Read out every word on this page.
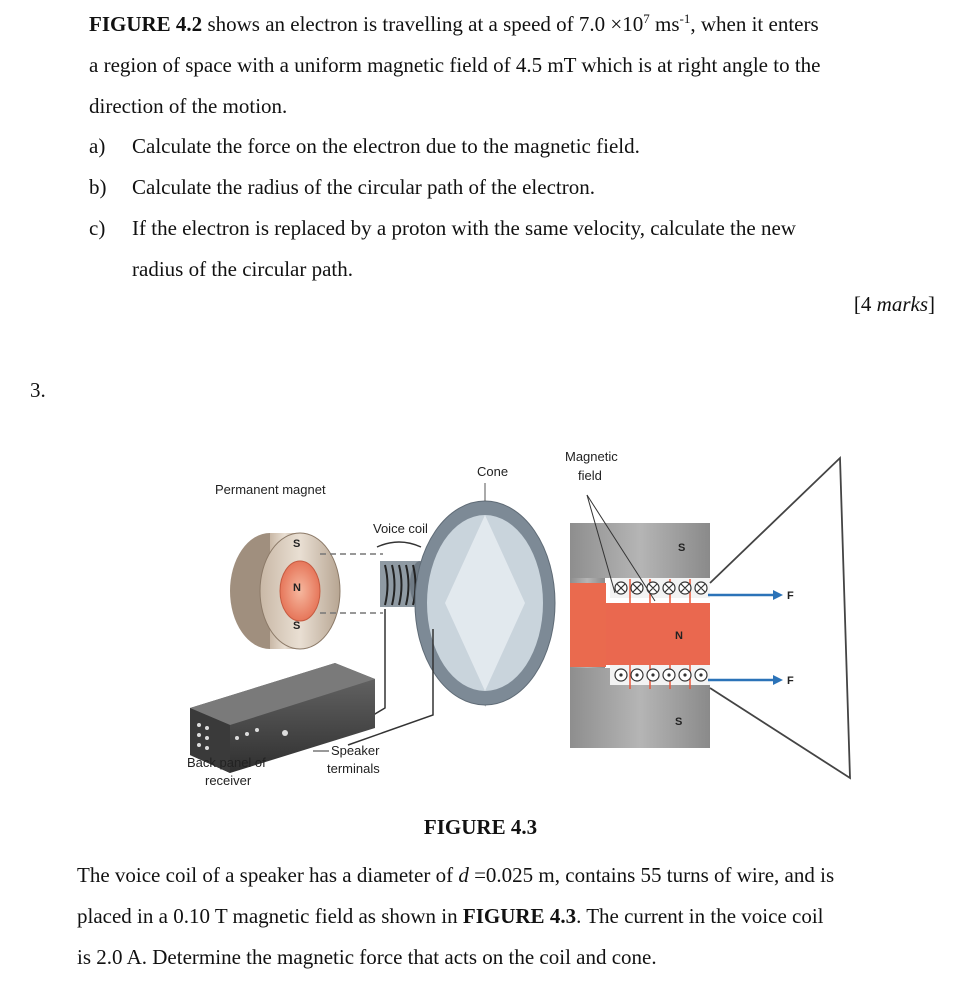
FIGURE 4.2 shows an electron is travelling at a speed of $7.0 \times 10^7$ $ms^{-1}$, when it enters
a region of space with a uniform magnetic field of 4.5 mT which is at right angle to the
direction of the motion.
a) Calculate the force on the electron due to the magnetic field.
b) Calculate the radius of the circular path of the electron.
c) If the electron is replaced by a proton with the same velocity, calculate the new
radius of the circular path.
[4 marks]
3.
S
N
S
S
N
S
F
F
Permanent magnet
Cone
Magnetic
field
Voice coil
Back panel of
receiver
Speaker
terminals
FIGURE 4.3
The voice coil of a speaker has a diameter of d =0.025 m, contains 55 turns of wire, and is
placed in a 0.10 T magnetic field as shown in FIGURE 4.3. The current in the voice coil
is 2.0 A. Determine the magnetic force that acts on the coil and cone.
